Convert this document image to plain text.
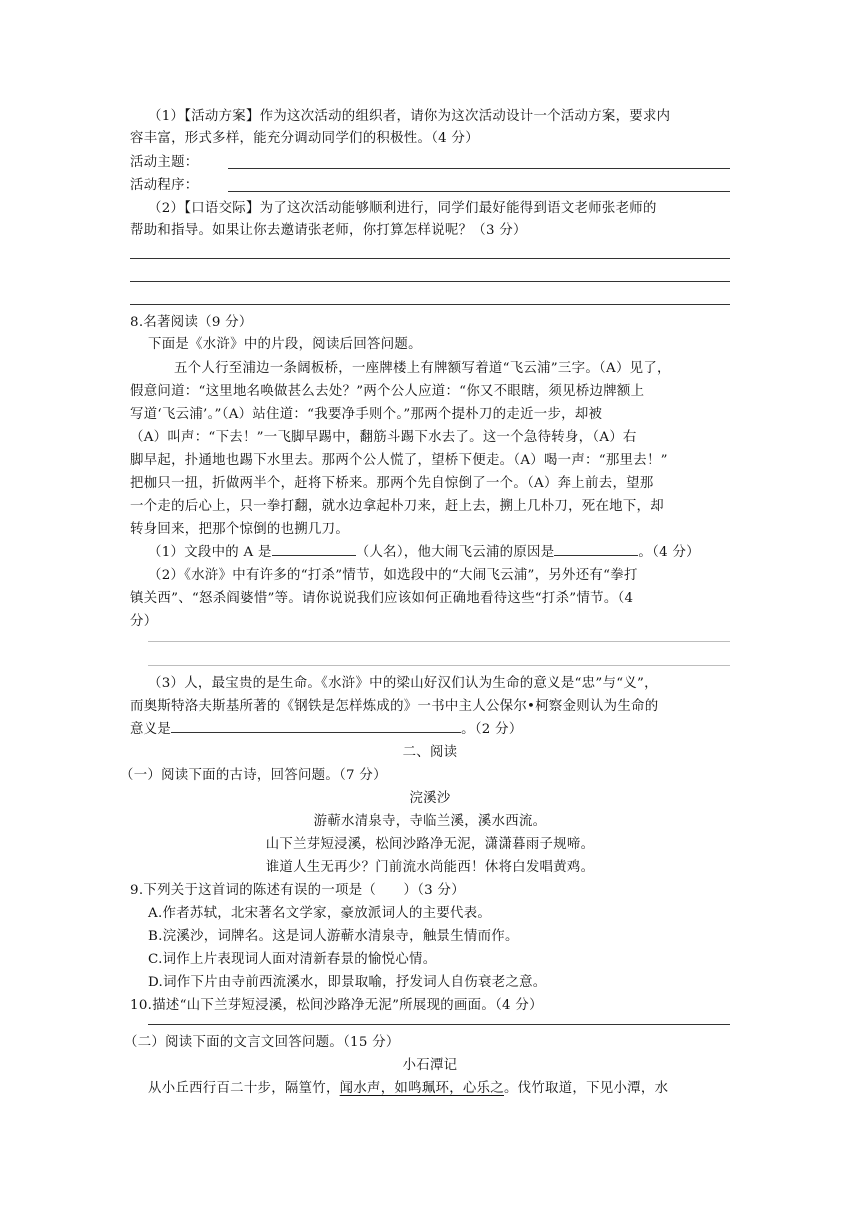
（1）【活动方案】作为这次活动的组织者，请你为这次活动设计一个活动方案，要求内
容丰富，形式多样，能充分调动同学们的积极性。（4 分）
活动主题：
活动程序：
（2）【口语交际】为了这次活动能够顺利进行，同学们最好能得到语文老师张老师的
帮助和指导。如果让你去邀请张老师，你打算怎样说呢？（3 分）
8.名著阅读（9 分）
下面是《水浒》中的片段，阅读后回答问题。
五个人行至浦边一条阔板桥，一座牌楼上有牌额写着道“飞云浦”三字。（A）见了，
假意问道：“这里地名唤做甚么去处？”两个公人应道：“你又不眼瞎，须见桥边牌额上
写道‘飞云浦’。”（A）站住道：“我要净手则个。”那两个提朴刀的走近一步，却被
（A）叫声：“下去！”一飞脚早踢中，翻筋斗踢下水去了。这一个急待转身，（A）右
脚早起，扑通地也踢下水里去。那两个公人慌了，望桥下便走。（A）喝一声：“那里去！”
把枷只一扭，折做两半个，赶将下桥来。那两个先自惊倒了一个。（A）奔上前去，望那
一个走的后心上，只一拳打翻，就水边拿起朴刀来，赶上去，搠上几朴刀，死在地下，却
转身回来，把那个惊倒的也搠几刀。
（1）文段中的 A 是	（人名），他大闹飞云浦的原因是	。（4 分）
（2）《水浒》中有许多的“打杀”情节，如选段中的“大闹飞云浦”，另外还有“拳打
镇关西”、“怒杀阎婆惜”等。请你说说我们应该如何正确地看待这些“打杀”情节。（4
分）
（3）人，最宝贵的是生命。《水浒》中的梁山好汉们认为生命的意义是“忠”与“义”，
而奥斯特洛夫斯基所著的《钢铁是怎样炼成的》一书中主人公保尔•柯察金则认为生命的
意义是	。（2 分）
二、阅读
（一）阅读下面的古诗，回答问题。（7 分）
浣溪沙
游蕲水清泉寺，寺临兰溪，溪水西流。
山下兰芽短浸溪，松间沙路净无泥，潇潇暮雨子规啼。
谁道人生无再少？门前流水尚能西！休将白发唱黄鸡。
9.下列关于这首词的陈述有误的一项是（　　）（3 分）
A.作者苏轼，北宋著名文学家，豪放派词人的主要代表。
B.浣溪沙，词牌名。这是词人游蕲水清泉寺，触景生情而作。
C.词作上片表现词人面对清新春景的愉悦心情。
D.词作下片由寺前西流溪水，即景取喻，抒发词人自伤衰老之意。
10.描述“山下兰芽短浸溪，松间沙路净无泥”所展现的画面。（4 分）
（二）阅读下面的文言文回答问题。（15 分）
小石潭记
从小丘西行百二十步，隔篁竹，闻水声，如鸣珮环，心乐之。伐竹取道，下见小潭，水
